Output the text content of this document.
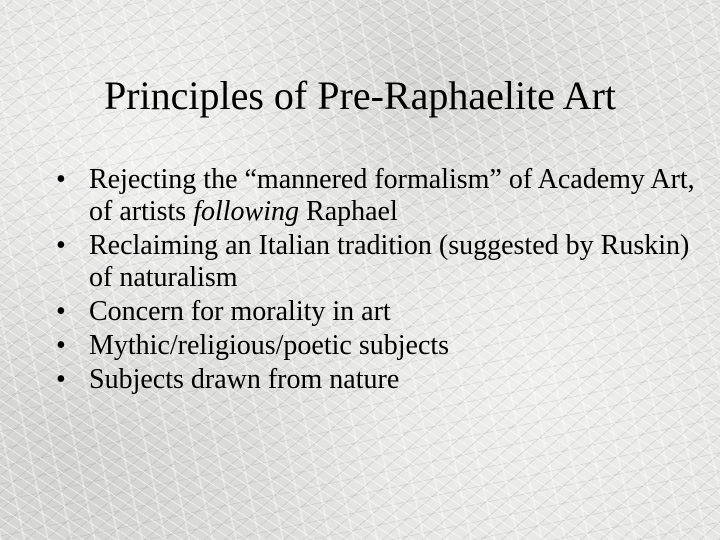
Principles of Pre-Raphaelite Art
• Rejecting the “mannered formalism” of Academy Art, of artists following Raphael
• Reclaiming an Italian tradition (suggested by Ruskin) of naturalism
• Concern for morality in art
• Mythic/religious/poetic subjects
• Subjects drawn from nature
